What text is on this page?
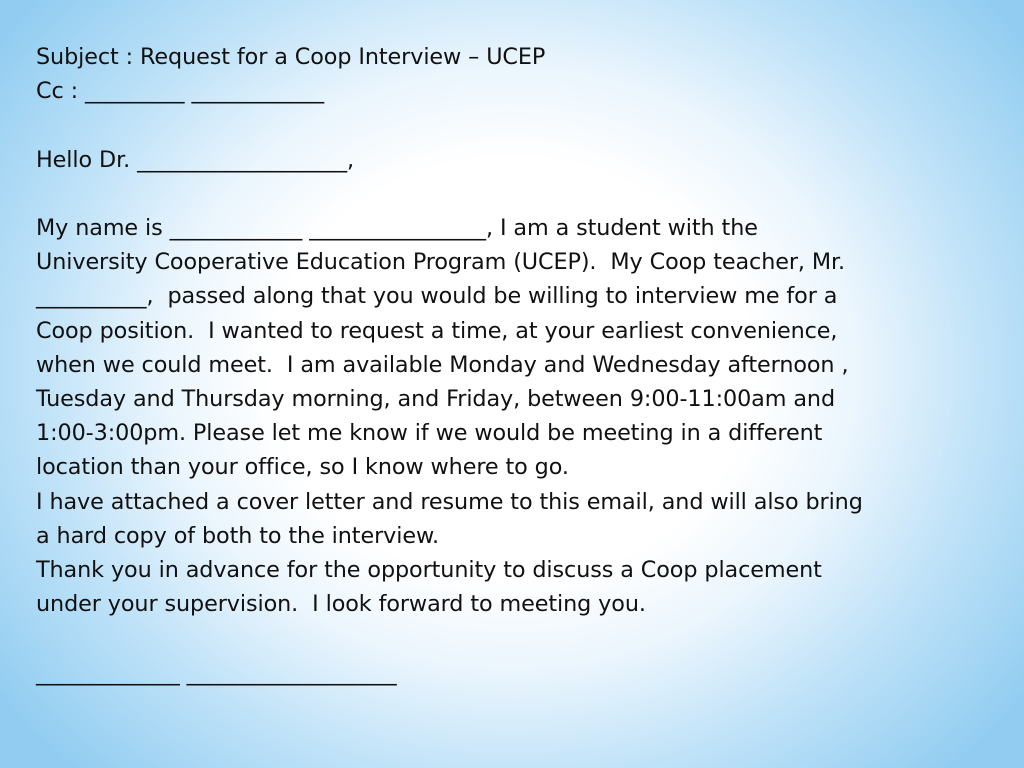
Subject : Request for a Coop Interview – UCEP
Cc : _________ ____________
Hello Dr. ___________________,
My name is ____________ ________________, I am a student with the
University Cooperative Education Program (UCEP).  My Coop teacher, Mr.
__________,  passed along that you would be willing to interview me for a
Coop position.  I wanted to request a time, at your earliest convenience,
when we could meet.  I am available Monday and Wednesday afternoon ,
Tuesday and Thursday morning, and Friday, between 9:00-11:00am and
1:00-3:00pm. Please let me know if we would be meeting in a different
location than your office, so I know where to go.
I have attached a cover letter and resume to this email, and will also bring
a hard copy of both to the interview.
Thank you in advance for the opportunity to discuss a Coop placement
under your supervision.  I look forward to meeting you.
_____________ ___________________
